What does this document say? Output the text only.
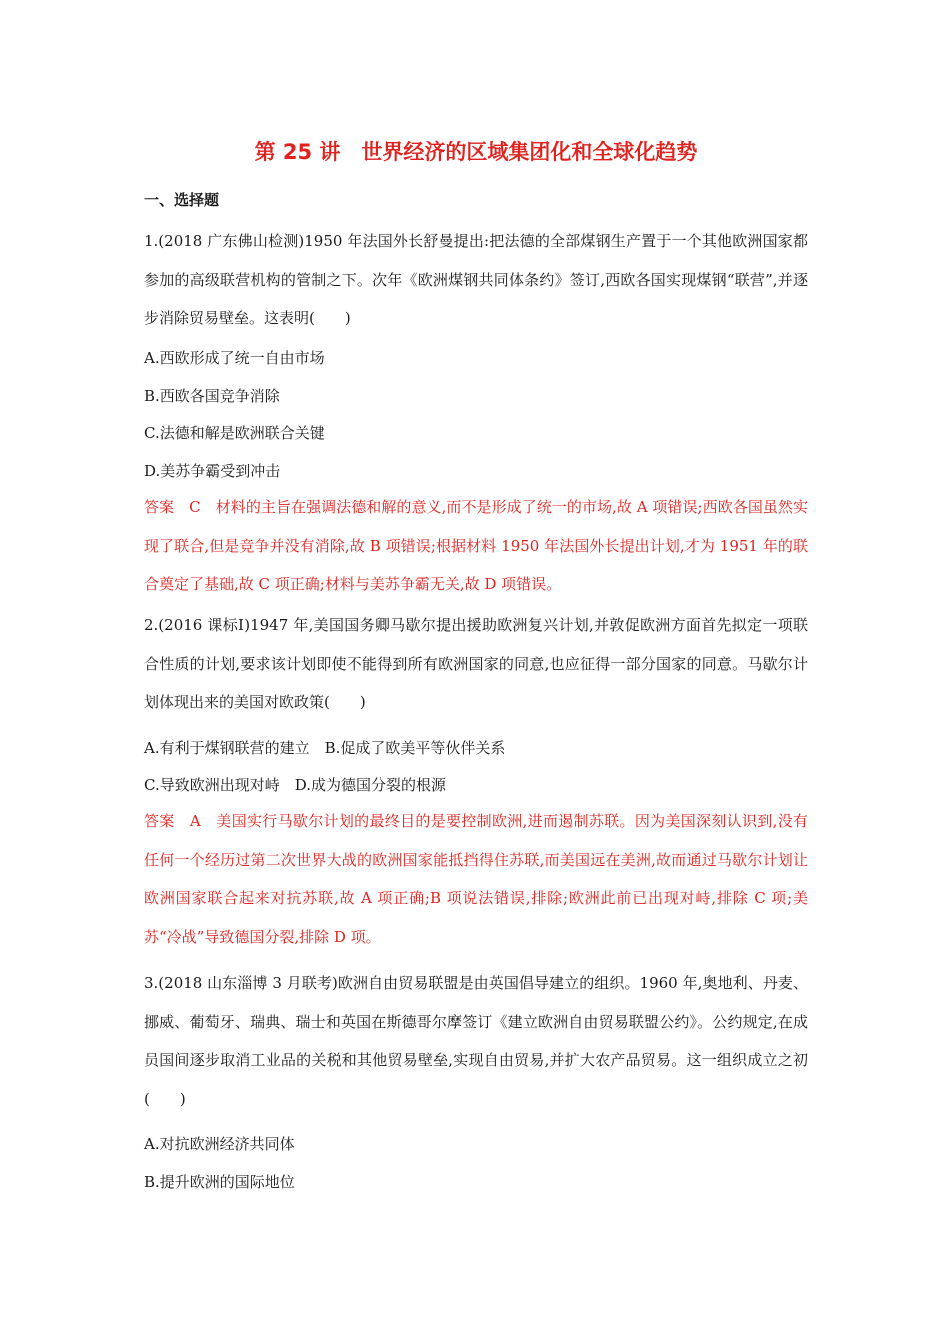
第 25 讲　世界经济的区域集团化和全球化趋势
一、选择题
1.(2018 广东佛山检测)1950 年法国外长舒曼提出:把法德的全部煤钢生产置于一个其他欧洲国家都参加的高级联营机构的管制之下。次年《欧洲煤钢共同体条约》签订,西欧各国实现煤钢“联营”,并逐步消除贸易壁垒。这表明(　　)
A.西欧形成了统一自由市场
B.西欧各国竞争消除
C.法德和解是欧洲联合关键
D.美苏争霸受到冲击
答案　C　材料的主旨在强调法德和解的意义,而不是形成了统一的市场,故 A 项错误;西欧各国虽然实现了联合,但是竞争并没有消除,故 B 项错误;根据材料 1950 年法国外长提出计划,才为 1951 年的联合奠定了基础,故 C 项正确;材料与美苏争霸无关,故 D 项错误。
2.(2016 课标Ⅰ)1947 年,美国国务卿马歇尔提出援助欧洲复兴计划,并敦促欧洲方面首先拟定一项联合性质的计划,要求该计划即使不能得到所有欧洲国家的同意,也应征得一部分国家的同意。马歇尔计划体现出来的美国对欧政策(　　)
A.有利于煤钢联营的建立　B.促成了欧美平等伙伴关系
C.导致欧洲出现对峙　D.成为德国分裂的根源
答案　A　美国实行马歇尔计划的最终目的是要控制欧洲,进而遏制苏联。因为美国深刻认识到,没有任何一个经历过第二次世界大战的欧洲国家能抵挡得住苏联,而美国远在美洲,故而通过马歇尔计划让欧洲国家联合起来对抗苏联,故 A 项正确;B 项说法错误,排除;欧洲此前已出现对峙,排除 C 项;美苏“冷战”导致德国分裂,排除 D 项。
3.(2018 山东淄博 3 月联考)欧洲自由贸易联盟是由英国倡导建立的组织。1960 年,奥地利、丹麦、挪威、葡萄牙、瑞典、瑞士和英国在斯德哥尔摩签订《建立欧洲自由贸易联盟公约》。公约规定,在成员国间逐步取消工业品的关税和其他贸易壁垒,实现自由贸易,并扩大农产品贸易。这一组织成立之初(　　)
A.对抗欧洲经济共同体
B.提升欧洲的国际地位
